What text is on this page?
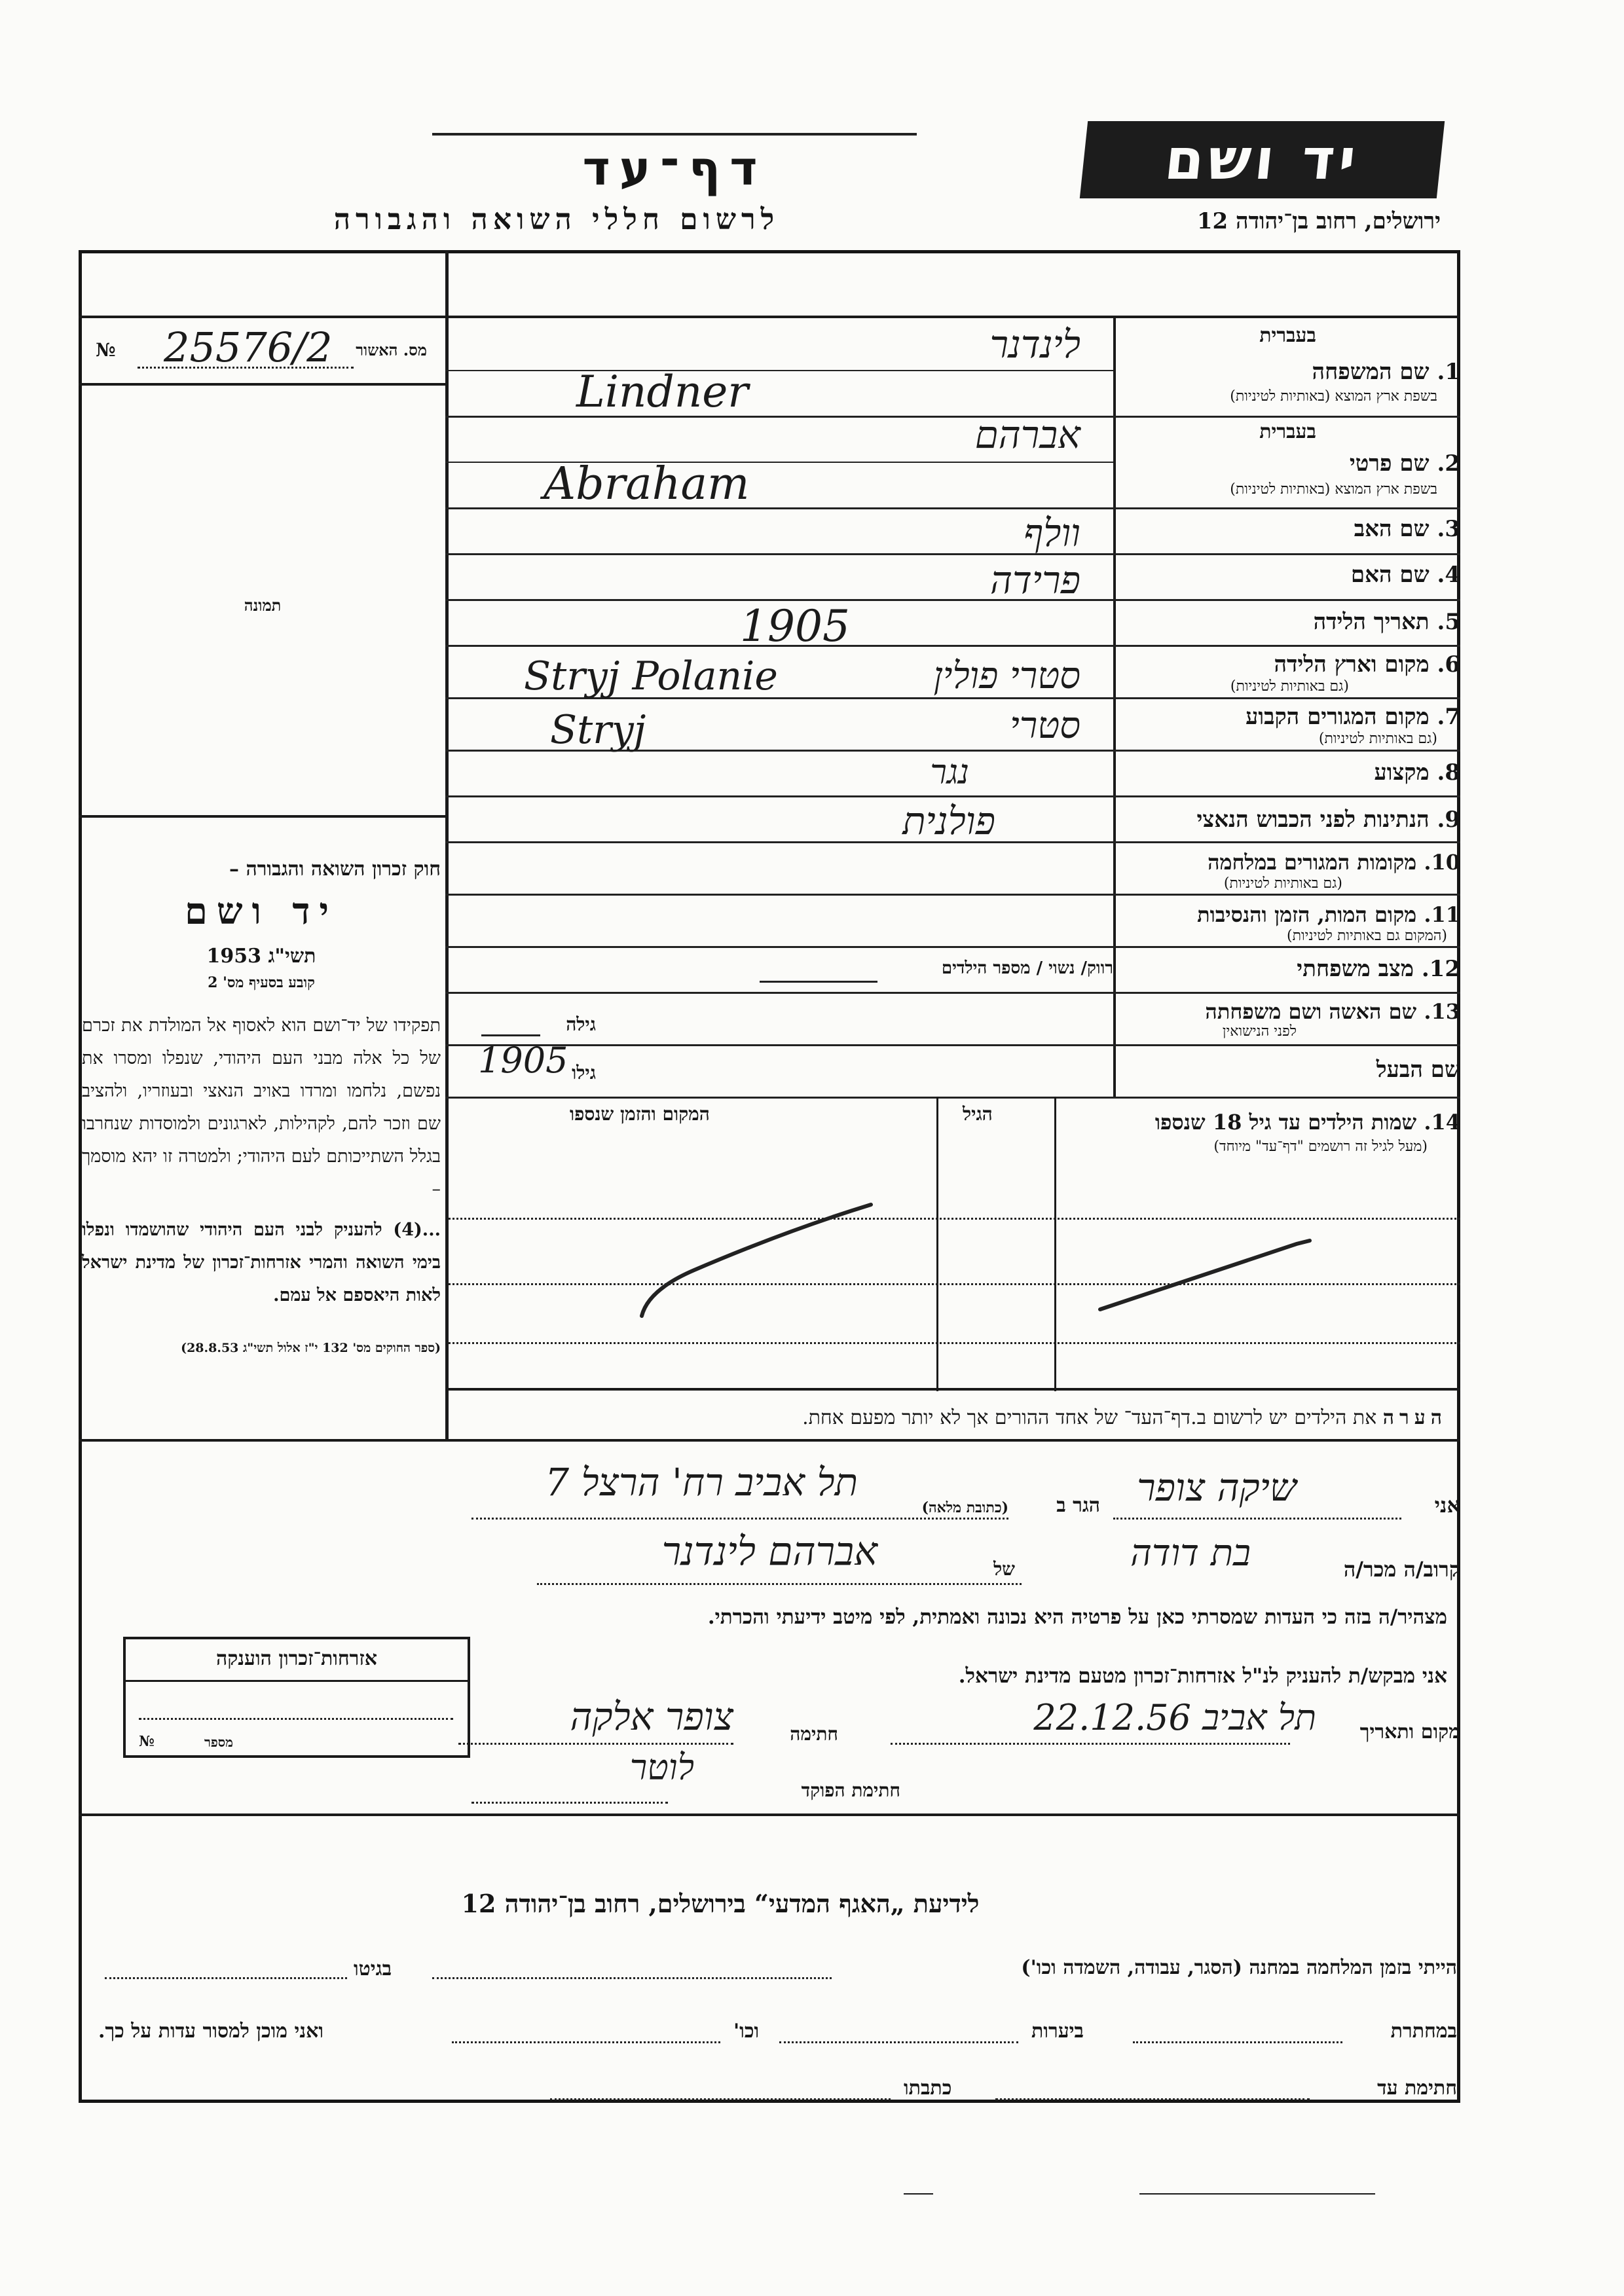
יד ושם
דף־עד
לרשום חללי השואה והגבורה	ירושלים, רחוב בן־יהודה 12
№	מס. האשור
25576/2
תמונה

חוק זכרון השואה והגבורה –

יד ושם

תשי"ג 1953

קובע בסעיף מס' 2

תפקידו של יד־ושם הוא לאסוף אל המולדת את זכרם של כל אלה מבני העם היהודי, שנפלו ומסרו את נפשם, נלחמו ומרדו באויב הנאצי ובעוזריו, ולהציב שם וזכר להם, לקהילות, לארגונים ולמוסדות שנחרבו בגלל השתייכותם לעם היהודי; ולמטרה זו יהא מוסמך –

...(4) להעניק לבני העם היהודי שהושמדו ונפלו בימי השואה והמרי אזרחות־זכרון של מדינת ישראל לאות היאספם אל עמם.

(ספר החוקים מס' 132 י"ז אלול תשי"ג 28.8.53)

בעברית
1. שם המשפחה
בשפת ארץ המוצא (באותיות לטיניות)
לינדנר
Lindner
בעברית
2. שם פרטי
בשפת ארץ המוצא (באותיות לטיניות)
אברהם
Abraham
3. שם האב
וולף
4. שם האם
פרידה
5. תאריך הלידה
1905
6. מקום וארץ הלידה
(גם באותיות לטיניות)
סטרי פולין
Stryj Polanie
7. מקום המגורים הקבוע
(גם באותיות לטיניות)
סטרי
Stryj
8. מקצוע
נגר
9. הנתינות לפני הכבוש הנאצי
פולנית
10. מקומות המגורים במלחמה
(גם באותיות לטיניות)
11. מקום המות, הזמן והנסיבות
(המקום גם באותיות לטיניות)
12. מצב משפחתי
רווק/ נשוי / מספר הילדים
13. שם האשה ושם משפחתה
לפני הנישואין
גילה
שם הבעל
גילו
1905
14. שמות הילדים עד גיל 18 שנספו
(מעל לגיל זה רושמים "דף־עד" מיוחד)
הגיל
המקום והזמן שנספו
הערה את הילדים יש לרשום ב.דף־העד־ של אחד ההורים אך לא יותר מפעם אחת.
אני
שיקה צופר
הגר ב
(כתובת מלאה)
תל אביב רח' הרצל 7
קרוב/ה מכר/ה
בת דודה
של
אברהם לינדנר
מצהיר/ה בזה כי העדות שמסרתי כאן על פרטיה היא נכונה ואמתית, לפי מיטב ידיעתי והכרתי.
אני מבקש/ת להעניק לנ"ל אזרחות־זכרון מטעם מדינת ישראל.
מקום ותאריך
תל אביב 22.12.56
חתימה
צופר אלקה
חתימת הפוקד
לוטר
אזרחות־זכרון הוענקה
מספר
№
לידיעת „האגף המדעי“ בירושלים, רחוב בן־יהודה 12
הייתי בזמן המלחמה במחנה (הסגר, עבודה, השמדה וכו')
בגיטו
במחתרת
ביערות
וכו'
ואני מוכן למסור עדות על כך.
חתימת עד
כתבתו
